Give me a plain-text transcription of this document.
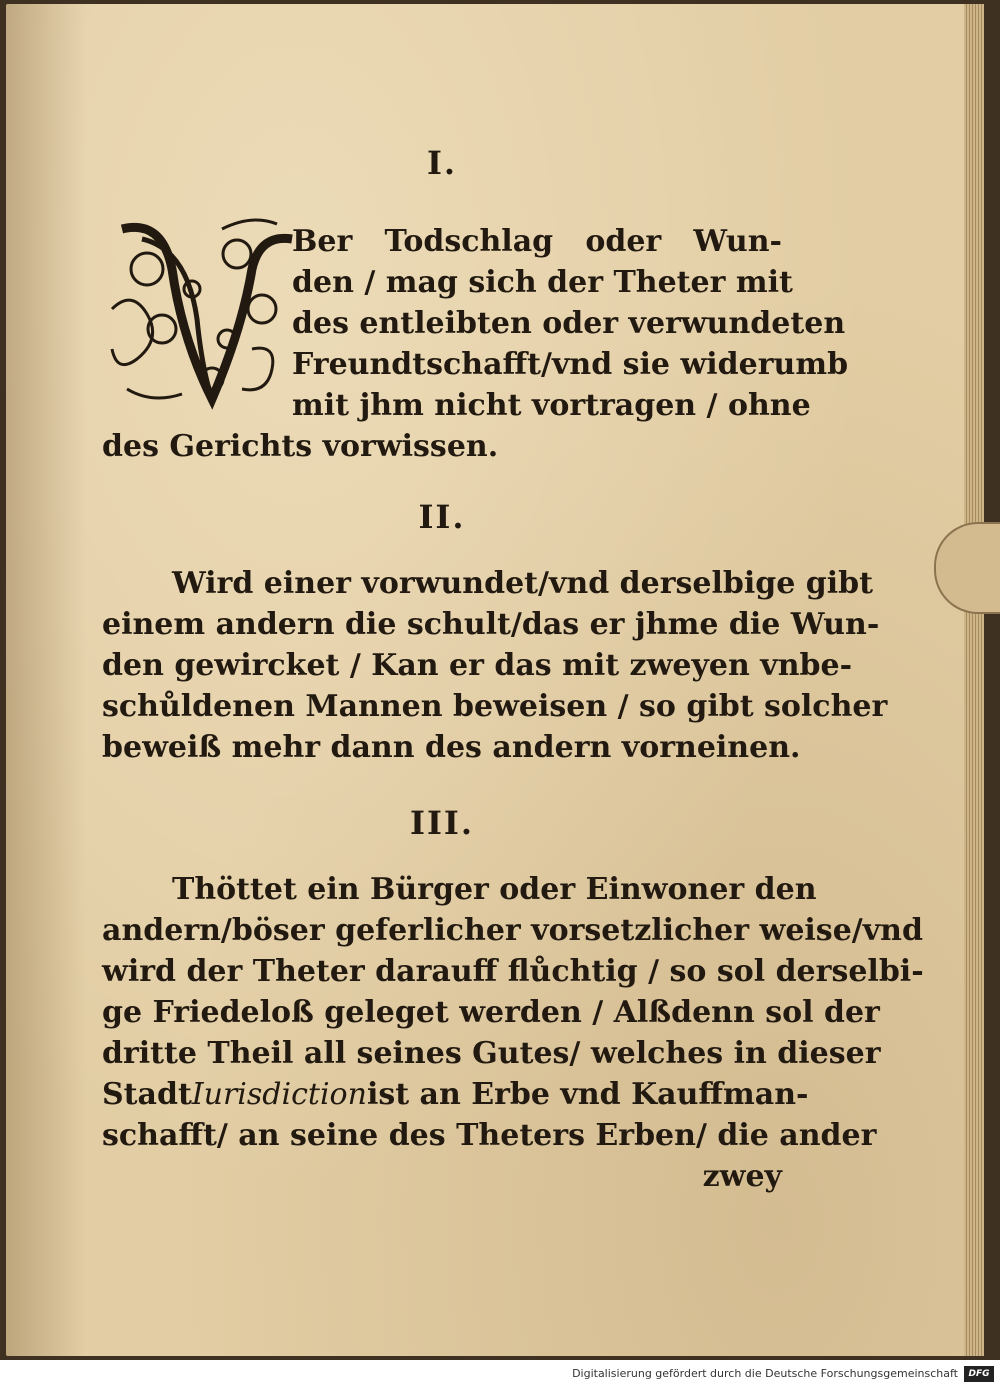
I.
Ber Todschlag oder Wun-
den / mag sich der Theter mit
des entleibten oder verwundeten
Freundtschafft/vnd sie widerumb
mit jhm nicht vortragen / ohne
des Gerichts vorwissen.
II.
Wird einer vorwundet/vnd derselbige gibt
einem andern die schult/das er jhme die Wun-
den gewircket / Kan er das mit zweyen vnbe-
schůldenen Mannen beweisen / so gibt solcher
beweiß mehr dann des andern vorneinen.
III.
Thöttet ein Bürger oder Einwoner den
andern/böser geferlicher vorsetzlicher weise/vnd
wird der Theter darauff flůchtig / so sol derselbi-
ge Friedeloß geleget werden / Alßdenn sol der
dritte Theil all seines Gutes/ welches in dieser
Stadt Iurisdiction ist an Erbe vnd Kauffman-
schafft/ an seine des Theters Erben/ die ander
zwey
Digitalisierung gefördert durch die Deutsche Forschungsgemeinschaft	DFG
